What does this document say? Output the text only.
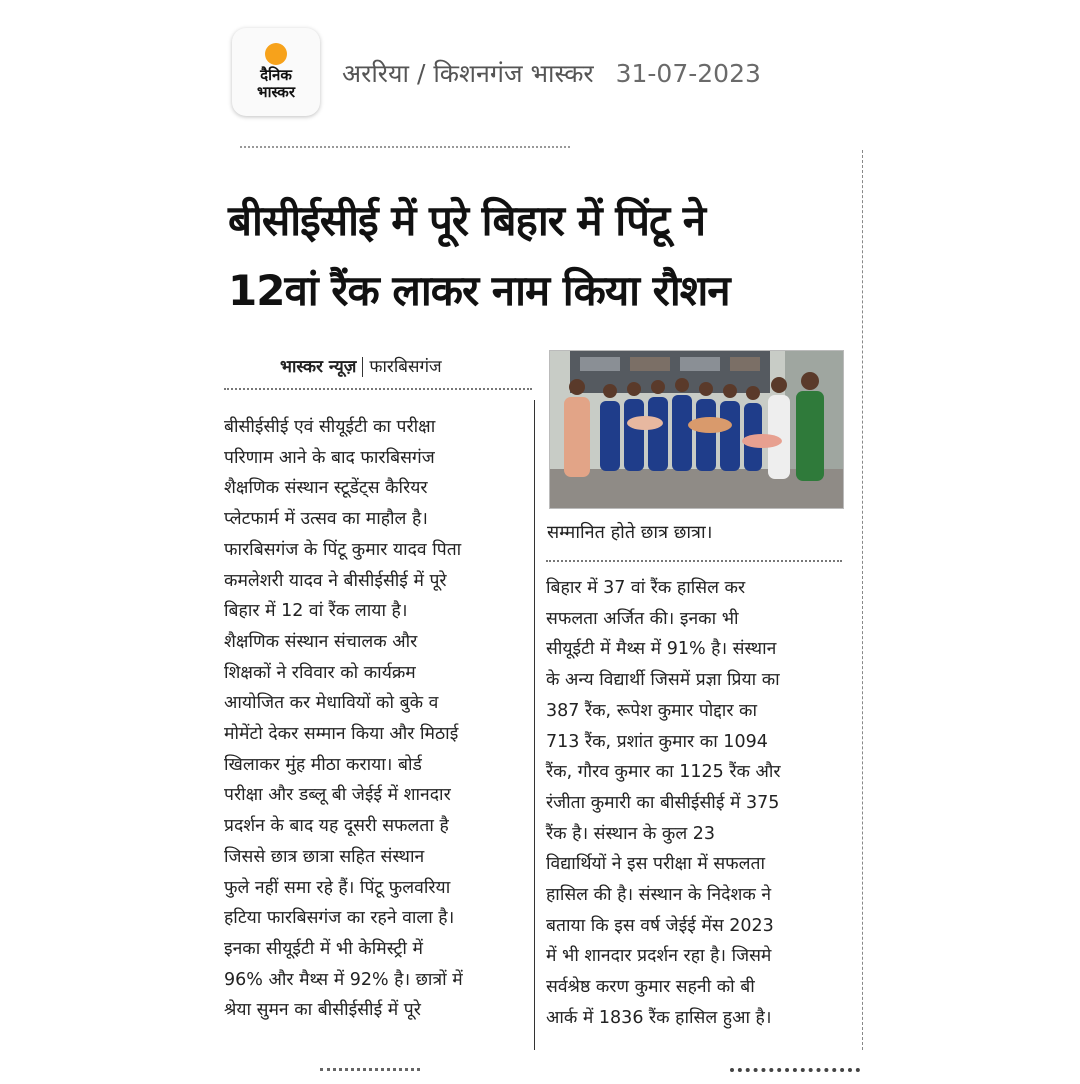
दैनिक
भास्कर
अररिया / किशनगंज भास्कर 31-07-2023
बीसीईसीई में पूरे बिहार में पिंटू ने
12वां रैंक लाकर नाम किया रौशन
भास्कर न्यूज़ फारबिसगंज
बीसीईसीई एवं सीयूईटी का परीक्षा
परिणाम आने के बाद फारबिसगंज
शैक्षणिक संस्थान स्टूडेंट्स कैरियर
प्लेटफार्म में उत्सव का माहौल है।
फारबिसगंज के पिंटू कुमार यादव पिता
कमलेशरी यादव ने बीसीईसीई में पूरे
बिहार में 12 वां रैंक लाया है।
शैक्षणिक संस्थान संचालक और
शिक्षकों ने रविवार को कार्यक्रम
आयोजित कर मेधावियों को बुके व
मोमेंटो देकर सम्मान किया और मिठाई
खिलाकर मुंह मीठा कराया। बोर्ड
परीक्षा और डब्लू बी जेईई में शानदार
प्रदर्शन के बाद यह दूसरी सफलता है
जिससे छात्र छात्रा सहित संस्थान
फुले नहीं समा रहे हैं। पिंटू फुलवरिया
हटिया फारबिसगंज का रहने वाला है।
इनका सीयूईटी में भी केमिस्ट्री में
96% और मैथ्स में 92% है। छात्रों में
श्रेया सुमन का बीसीईसीई में पूरे
सम्मानित होते छात्र छात्रा।
बिहार में 37 वां रैंक हासिल कर
सफलता अर्जित की। इनका भी
सीयूईटी में मैथ्स में 91% है। संस्थान
के अन्य विद्यार्थी जिसमें प्रज्ञा प्रिया का
387 रैंक, रूपेश कुमार पोद्दार का
713 रैंक, प्रशांत कुमार का 1094
रैंक, गौरव कुमार का 1125 रैंक और
रंजीता कुमारी का बीसीईसीई में 375
रैंक है। संस्थान के कुल 23
विद्यार्थियों ने इस परीक्षा में सफलता
हासिल की है। संस्थान के निदेशक ने
बताया कि इस वर्ष जेईई मेंस 2023
में भी शानदार प्रदर्शन रहा है। जिसमे
सर्वश्रेष्ठ करण कुमार सहनी को बी
आर्क में 1836 रैंक हासिल हुआ है।
